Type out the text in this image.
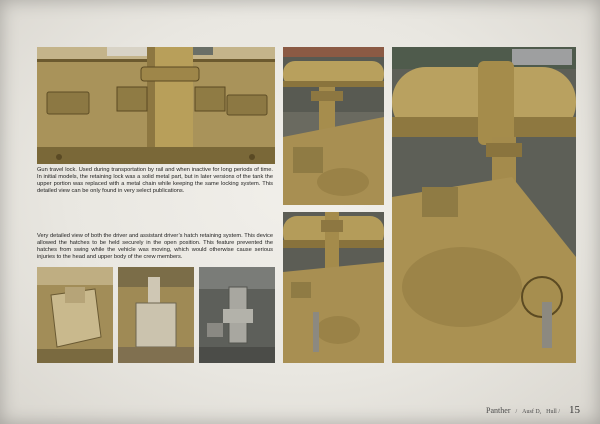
Gun travel lock. Used during transportation by rail and when inactive for long periods of time. In initial models, the retaining lock was a solid metal part, but in later versions of the tank the upper portion was replaced with a metal chain while keeping the same locking system. This detailed view can be only found in very select publications.

Very detailed view of both the driver and assistant driver’s hatch retaining system. This device allowed the hatches to be held securely in the open position. This feature prevented the hatches from swing while the vehicle was moving, which would otherwise cause serious injuries to the head and upper body of the crew members.

Panther / Ausf D, Hull / 15
